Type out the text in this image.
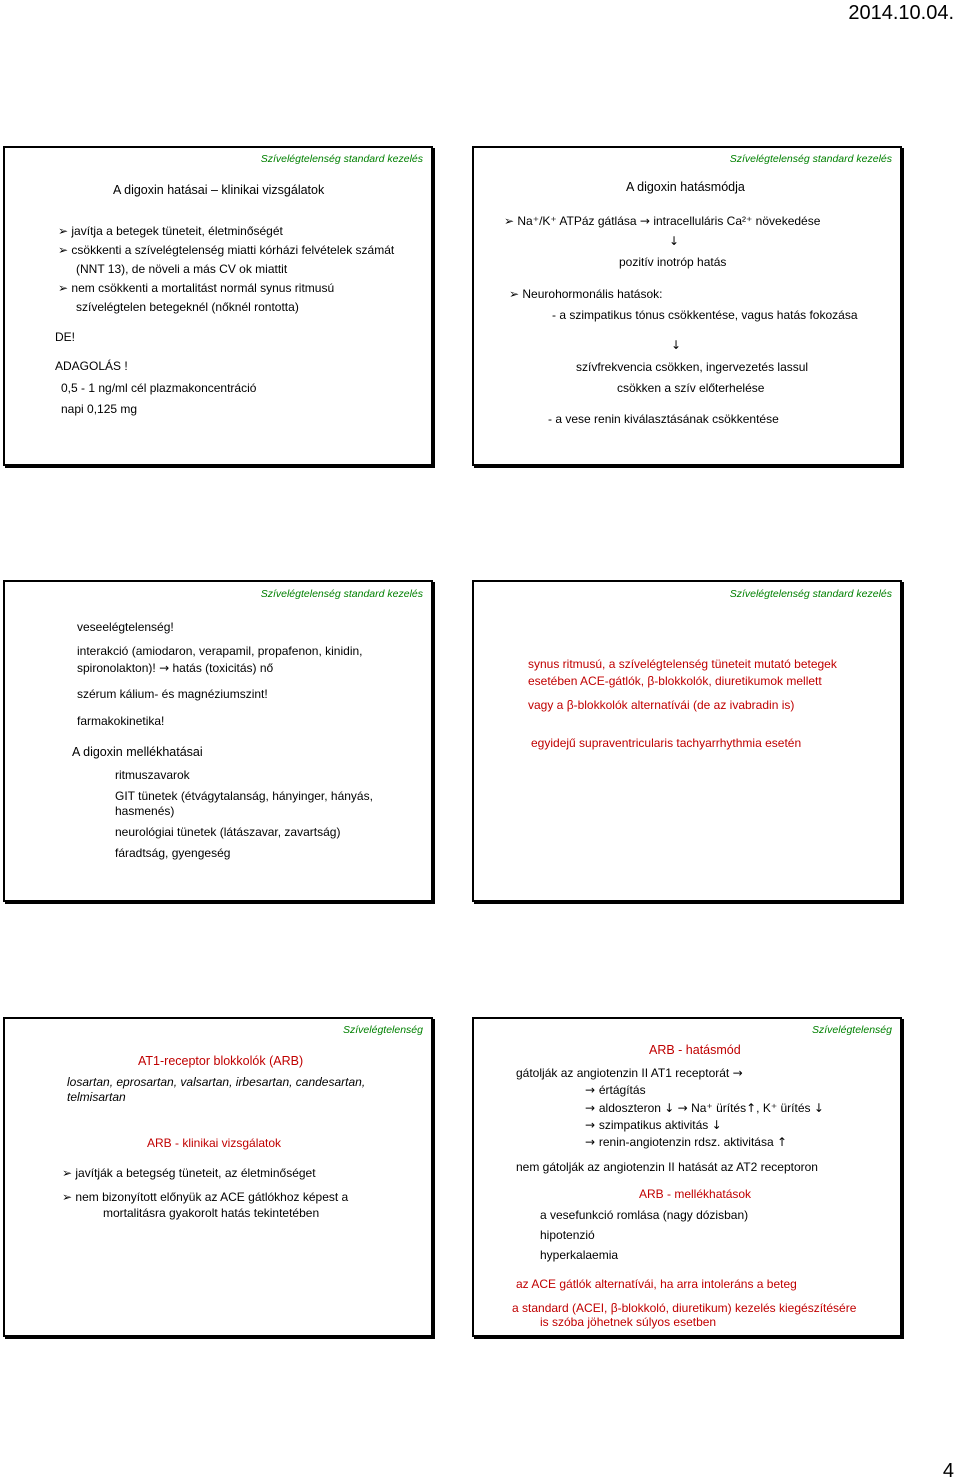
2014.10.04.
Szívelégtelenség standard kezelés
A digoxin hatásai – klinikai vizsgálatok
➢ javítja a betegek tüneteit, életminőségét
➢ csökkenti a szívelégtelenség miatti kórházi felvételek számát
(NNT 13), de növeli a más CV ok miattit
➢ nem csökkenti a mortalitást normál synus ritmusú
szívelégtelen betegeknél (nőknél rontotta)
DE!
ADAGOLÁS !
0,5 - 1 ng/ml cél plazmakoncentráció
napi 0,125 mg
Szívelégtelenség standard kezelés
A digoxin hatásmódja
➢ Na⁺/K⁺ ATPáz gátlása → intracelluláris Ca²⁺ növekedése
↓
pozitív inotróp hatás
➢ Neurohormonális hatások:
- a szimpatikus tónus csökkentése, vagus hatás fokozása
↓
szívfrekvencia csökken, ingervezetés lassul
csökken a szív előterhelése
- a vese renin kiválasztásának csökkentése
Szívelégtelenség standard kezelés
veseelégtelenség!
interakció (amiodaron, verapamil, propafenon, kinidin,
spironolakton)! → hatás (toxicitás) nő
szérum kálium- és magnéziumszint!
farmakokinetika!
A digoxin mellékhatásai
ritmuszavarok
GIT tünetek (étvágytalanság, hányinger, hányás,
hasmenés)
neurológiai tünetek (látászavar, zavartság)
fáradtság, gyengeség
Szívelégtelenség standard kezelés
synus ritmusú, a szívelégtelenség tüneteit mutató betegek
esetében ACE-gátlók, β-blokkolók, diuretikumok mellett
vagy a β-blokkolók alternatívái (de az ivabradin is)
egyidejű supraventricularis tachyarrhythmia esetén
Szívelégtelenség
AT1-receptor blokkolók (ARB)
losartan, eprosartan, valsartan, irbesartan, candesartan,
telmisartan
ARB - klinikai vizsgálatok
➢ javítják a betegség tüneteit, az életminőséget
➢ nem bizonyított előnyük az ACE gátlókhoz képest a
mortalitásra gyakorolt hatás tekintetében
Szívelégtelenség
ARB - hatásmód
gátolják az angiotenzin II AT1 receptorát →
→ értágítás
→ aldoszteron ↓ → Na⁺ ürítés↑, K⁺ ürítés ↓
→ szimpatikus aktivitás ↓
→ renin-angiotenzin rdsz. aktivitása ↑
nem gátolják az angiotenzin II hatását az AT2 receptoron
ARB - mellékhatások
a vesefunkció romlása (nagy dózisban)
hipotenzió
hyperkalaemia
az ACE gátlók alternatívái, ha arra intoleráns a beteg
a standard (ACEI, β-blokkoló, diuretikum) kezelés kiegészítésére
is szóba jöhetnek súlyos esetben
4
